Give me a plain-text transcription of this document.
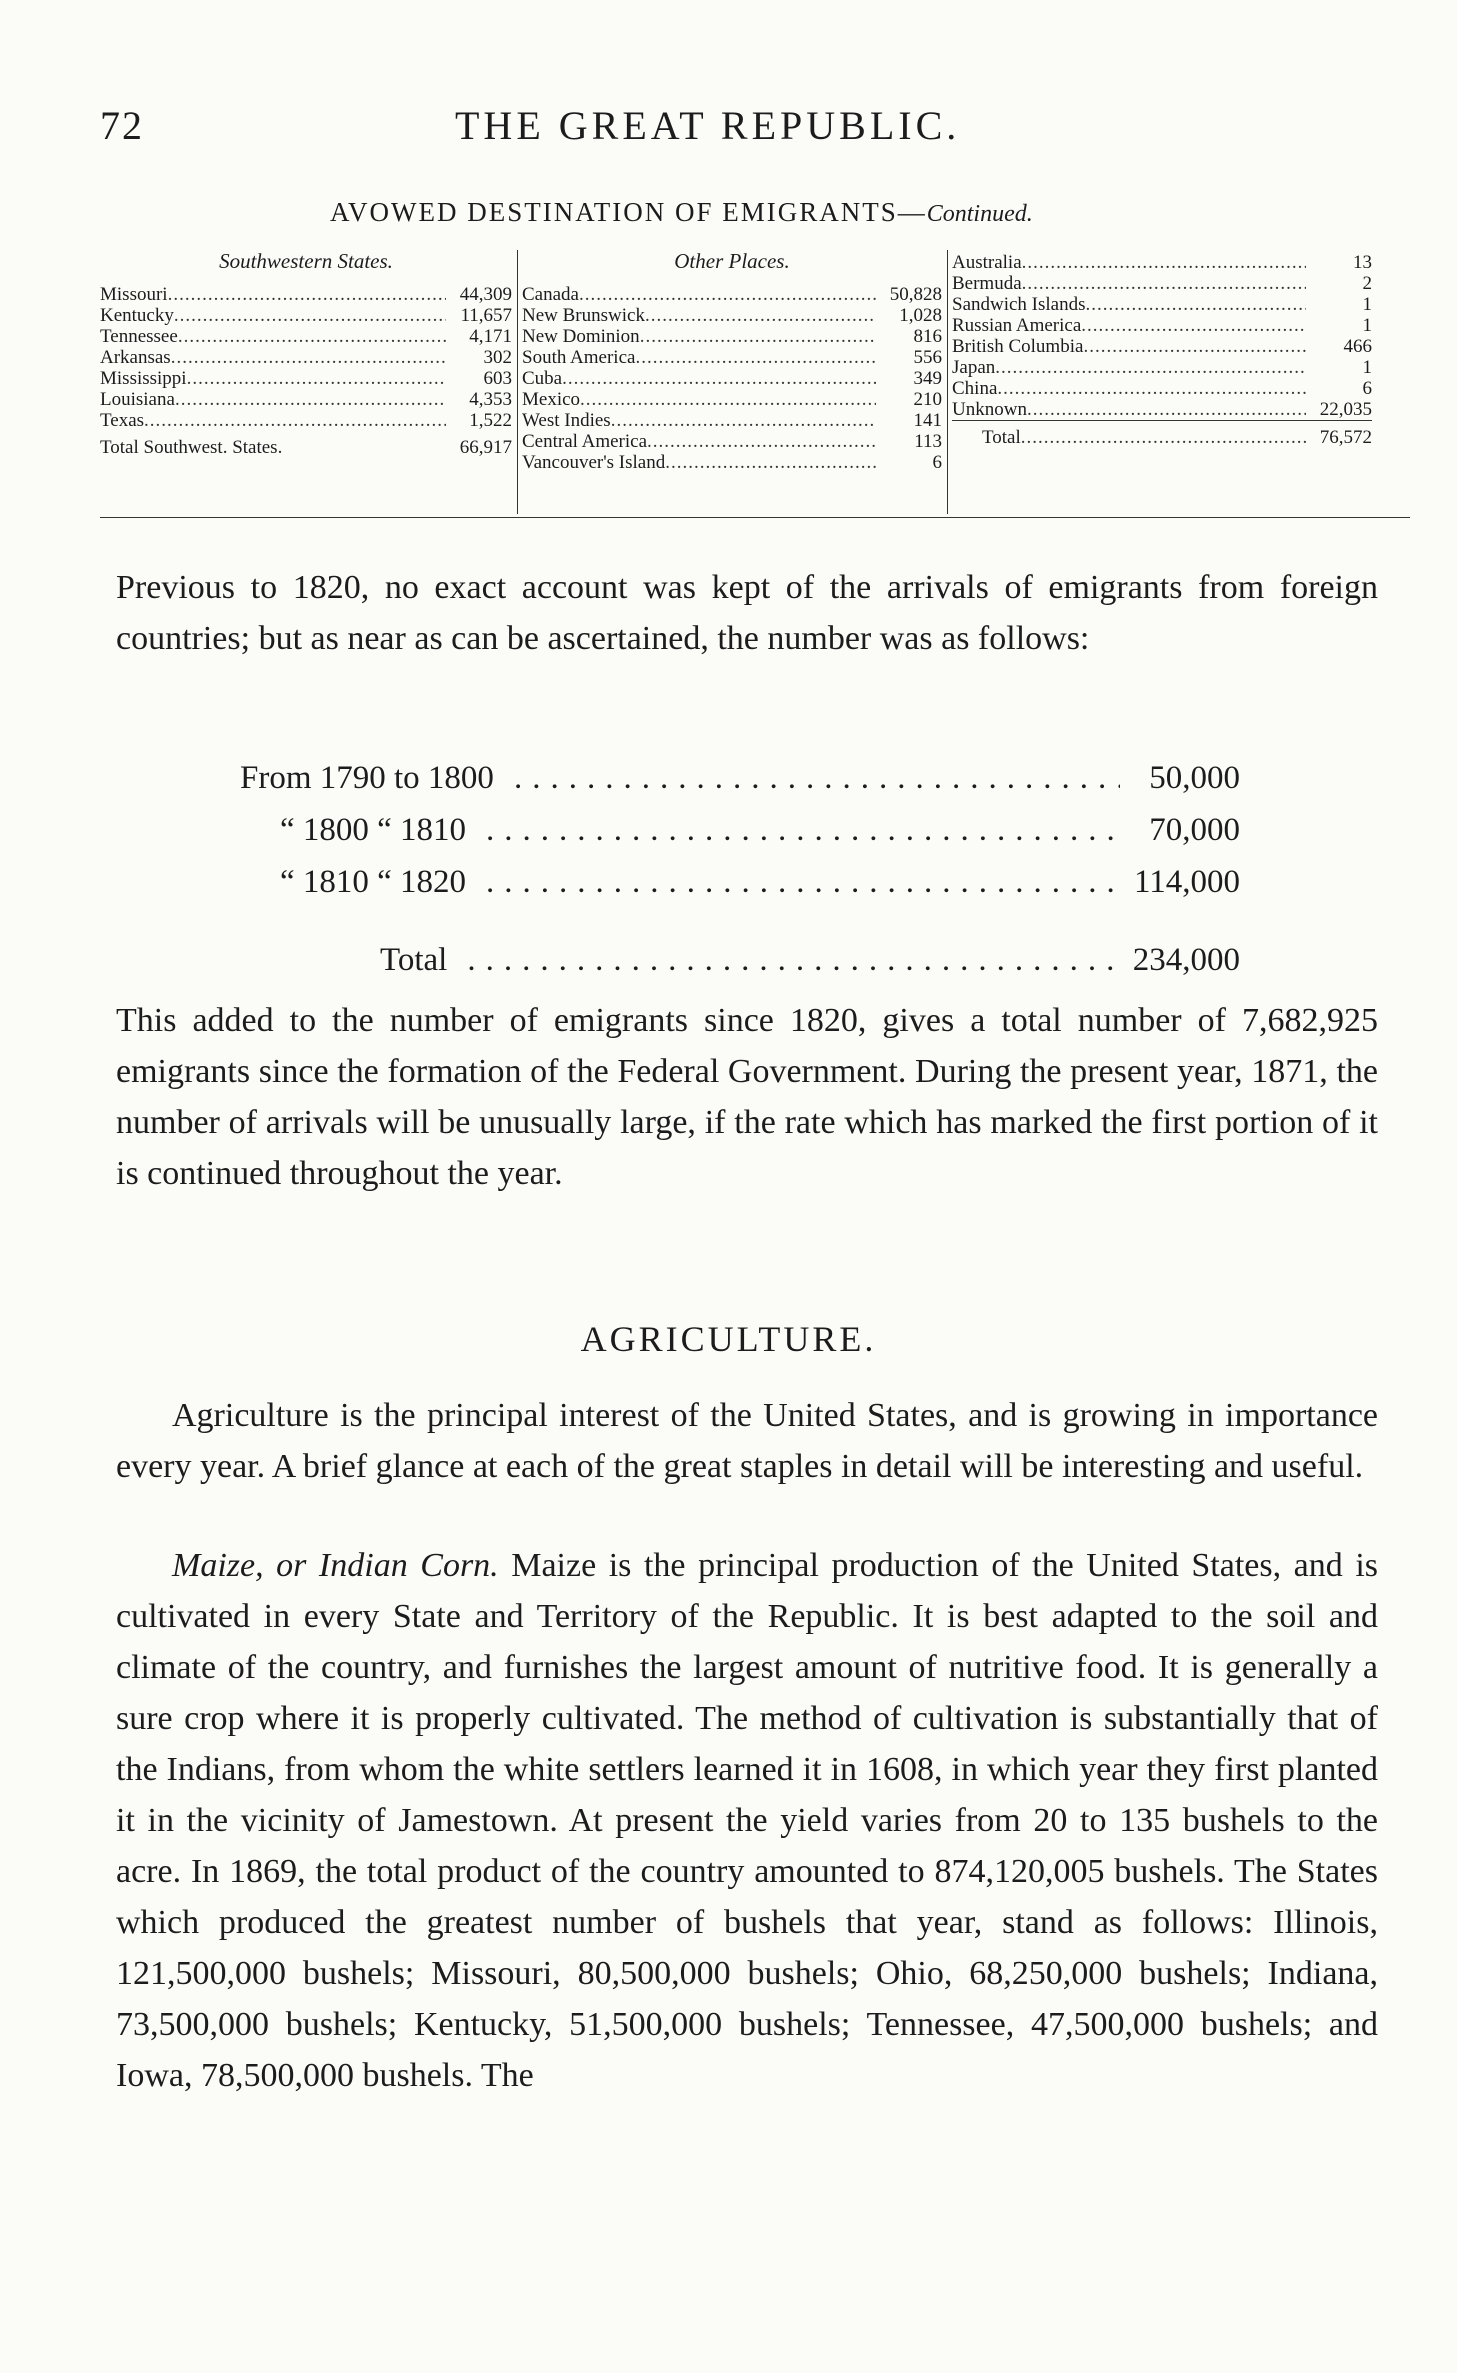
72	THE GREAT REPUBLIC.
AVOWED DESTINATION OF EMIGRANTS—Continued.
Southwestern States.
Missouri .....	44,309
Kentucky .....	11,657
Tennessee .....	4,171
Arkansas .....	302
Mississippi .....	603
Louisiana .....	4,353
Texas .....	1,522
Total Southwest. States.	66,917
Other Places.
Canada .....	50,828
New Brunswick .....	1,028
New Dominion .....	816
South America .....	556
Cuba .....	349
Mexico .....	210
West Indies .....	141
Central America .....	113
Vancouver's Island .....	6
Australia .....	13
Bermuda .....	2
Sandwich Islands .....	1
Russian America .....	1
British Columbia .....	466
Japan .....	1
China .....	6
Unknown .....	22,035
Total .....	76,572

Previous to 1820, no exact account was kept of the arrivals of emigrants from foreign countries; but as near as can be ascertained, the number was as follows:

From 1790 to 1800 .....	50,000
“ 1800 “ 1810 .....	70,000
“ 1810 “ 1820 .....	114,000
Total .....	234,000

This added to the number of emigrants since 1820, gives a total number of 7,682,925 emigrants since the formation of the Federal Government. During the present year, 1871, the number of arrivals will be unusually large, if the rate which has marked the first portion of it is continued throughout the year.

AGRICULTURE.

Agriculture is the principal interest of the United States, and is growing in importance every year. A brief glance at each of the great staples in detail will be interesting and useful.

Maize, or Indian Corn. Maize is the principal production of the United States, and is cultivated in every State and Territory of the Republic. It is best adapted to the soil and climate of the country, and furnishes the largest amount of nutritive food. It is generally a sure crop where it is properly cultivated. The method of cultivation is substantially that of the Indians, from whom the white settlers learned it in 1608, in which year they first planted it in the vicinity of Jamestown. At present the yield varies from 20 to 135 bushels to the acre. In 1869, the total product of the country amounted to 874,120,005 bushels. The States which produced the greatest number of bushels that year, stand as follows: Illinois, 121,500,000 bushels; Missouri, 80,500,000 bushels; Ohio, 68,250,000 bushels; Indiana, 73,500,000 bushels; Kentucky, 51,500,000 bushels; Tennessee, 47,500,000 bushels; and Iowa, 78,500,000 bushels. The
